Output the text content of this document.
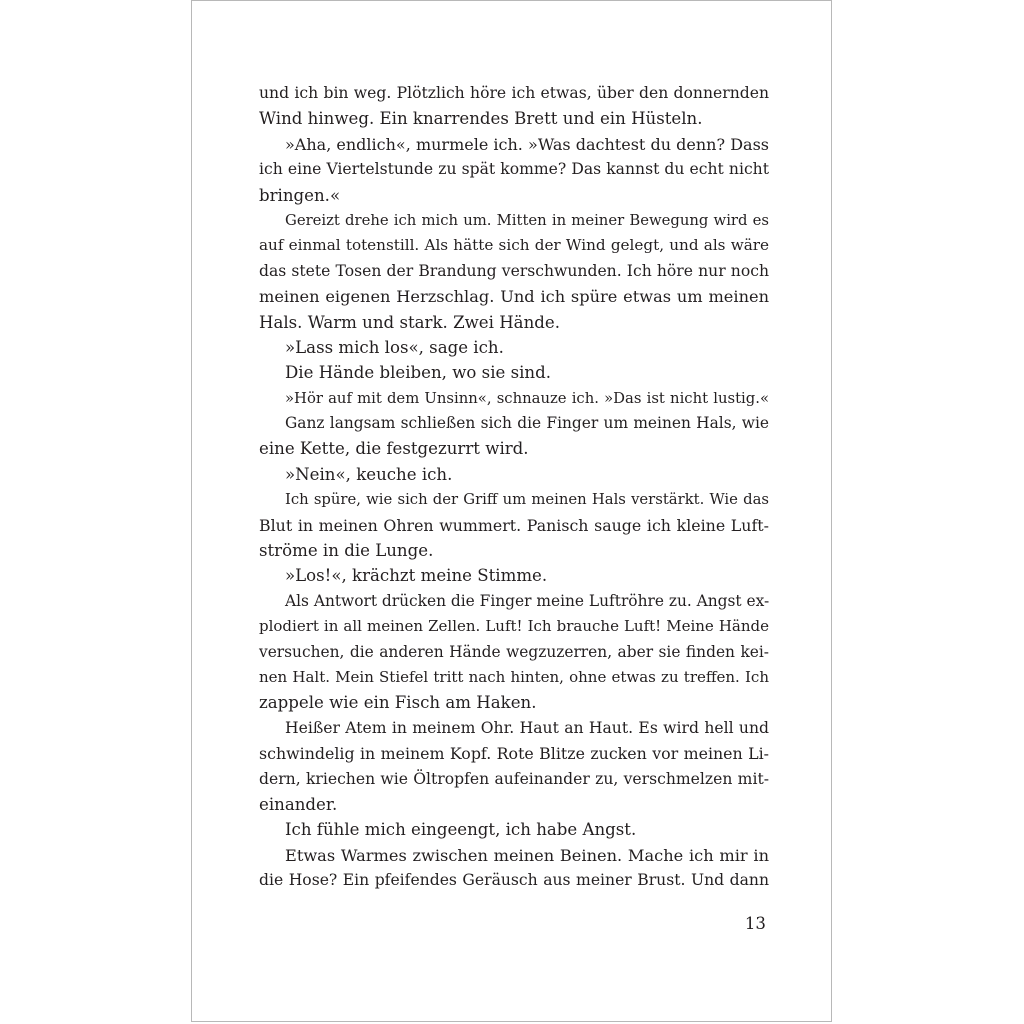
und ich bin weg. Plötzlich höre ich etwas, über den donnernden
Wind hinweg. Ein knarrendes Brett und ein Hüsteln.
»Aha, endlich«, murmele ich. »Was dachtest du denn? Dass
ich eine Viertelstunde zu spät komme? Das kannst du echt nicht
bringen.«
Gereizt drehe ich mich um. Mitten in meiner Bewegung wird es
auf einmal totenstill. Als hätte sich der Wind gelegt, und als wäre
das stete Tosen der Brandung verschwunden. Ich höre nur noch
meinen eigenen Herzschlag. Und ich spüre etwas um meinen
Hals. Warm und stark. Zwei Hände.
»Lass mich los«, sage ich.
Die Hände bleiben, wo sie sind.
»Hör auf mit dem Unsinn«, schnauze ich. »Das ist nicht lustig.«
Ganz langsam schließen sich die Finger um meinen Hals, wie
eine Kette, die festgezurrt wird.
»Nein«, keuche ich.
Ich spüre, wie sich der Griff um meinen Hals verstärkt. Wie das
Blut in meinen Ohren wummert. Panisch sauge ich kleine Luft-
ströme in die Lunge.
»Los!«, krächzt meine Stimme.
Als Antwort drücken die Finger meine Luftröhre zu. Angst ex-
plodiert in all meinen Zellen. Luft! Ich brauche Luft! Meine Hände
versuchen, die anderen Hände wegzuzerren, aber sie finden kei-
nen Halt. Mein Stiefel tritt nach hinten, ohne etwas zu treffen. Ich
zappele wie ein Fisch am Haken.
Heißer Atem in meinem Ohr. Haut an Haut. Es wird hell und
schwindelig in meinem Kopf. Rote Blitze zucken vor meinen Li-
dern, kriechen wie Öltropfen aufeinander zu, verschmelzen mit-
einander.
Ich fühle mich eingeengt, ich habe Angst.
Etwas Warmes zwischen meinen Beinen. Mache ich mir in
die Hose? Ein pfeifendes Geräusch aus meiner Brust. Und dann
13
